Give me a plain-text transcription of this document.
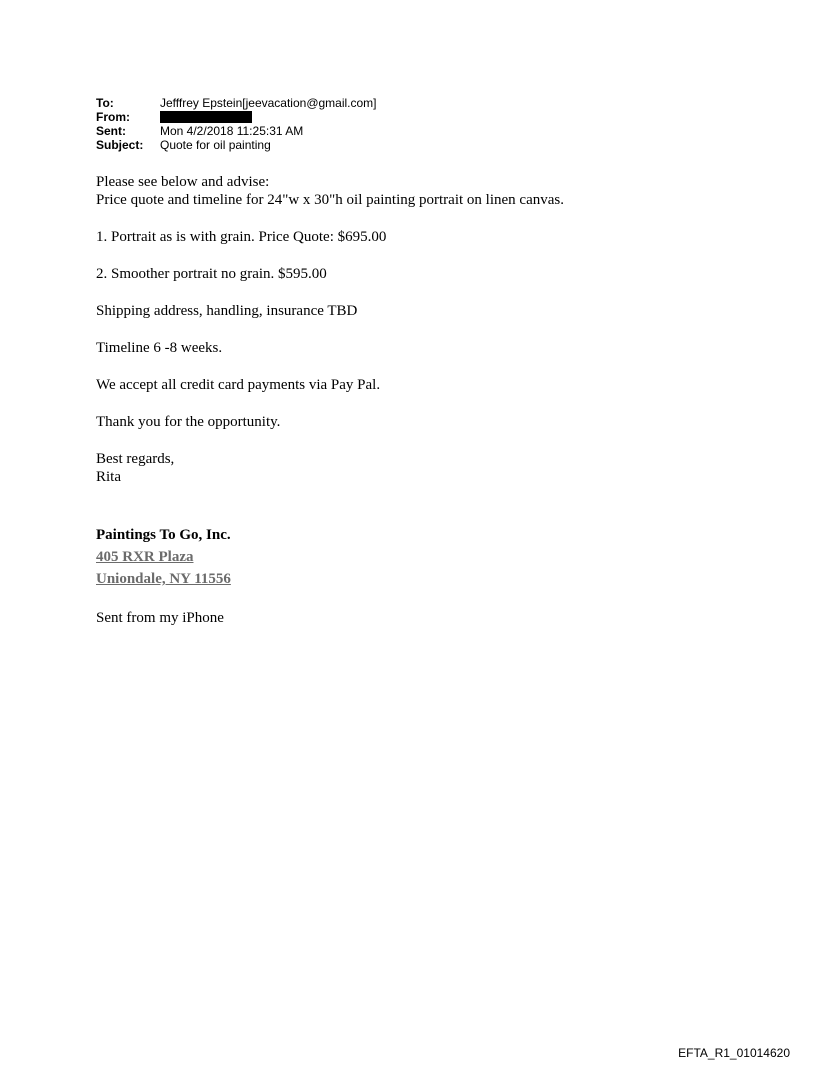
To:	Jefffrey Epstein[jeevacation@gmail.com]
From:
Sent:	Mon 4/2/2018 11:25:31 AM
Subject:	Quote for oil painting

Please see below and advise:

Price quote and timeline for 24"w x 30"h oil painting portrait on linen canvas.

1. Portrait as is with grain. Price Quote: $695.00

2. Smoother portrait no grain. $595.00

Shipping address, handling, insurance TBD

Timeline 6 -8 weeks.

We accept all credit card payments via Pay Pal.

Thank you for the opportunity.

Best regards,

Rita

Paintings To Go, Inc.

405 RXR Plaza

Uniondale, NY 11556

Sent from my iPhone

EFTA_R1_01014620
